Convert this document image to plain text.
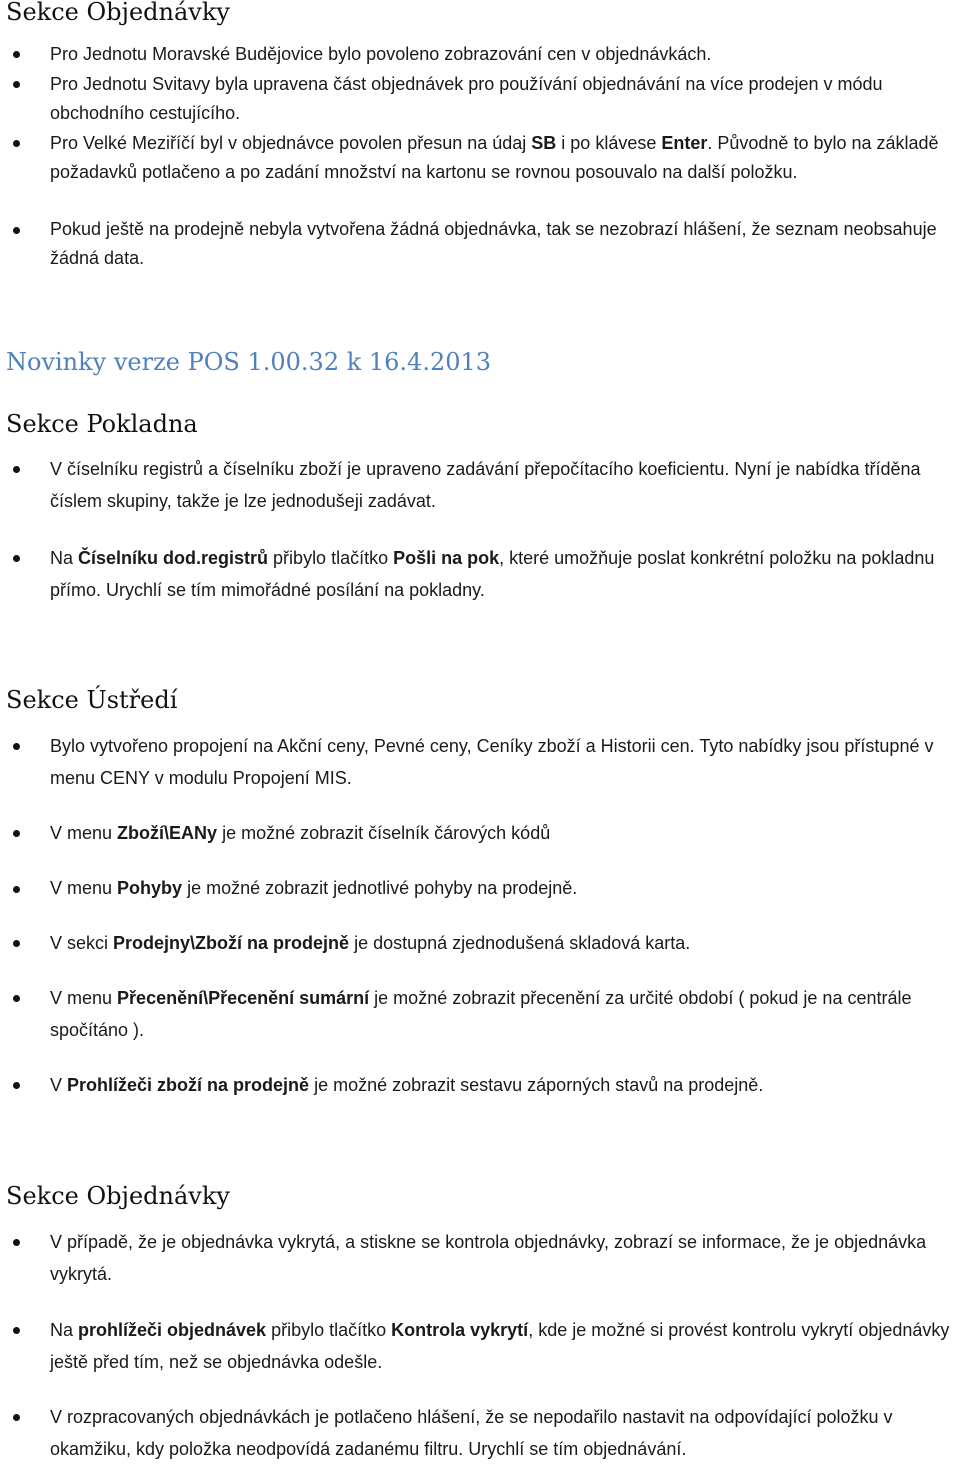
Sekce Objednávky

Pro Jednotu Moravské Budějovice bylo povoleno zobrazování cen v objednávkách.

Pro Jednotu Svitavy byla upravena část objednávek pro používání objednávání na více prodejen v módu obchodního cestujícího.

Pro Velké Meziříčí byl v objednávce povolen přesun na údaj SB i po klávese Enter. Původně to bylo na základě požadavků potlačeno a po zadání množství na kartonu se rovnou posouvalo na další položku.

Pokud ještě na prodejně nebyla vytvořena žádná objednávka, tak se nezobrazí hlášení, že seznam neobsahuje žádná data.

Novinky verze POS 1.00.32 k 16.4.2013
Sekce Pokladna

V číselníku registrů a číselníku zboží je upraveno zadávání přepočítacího koeficientu. Nyní je nabídka tříděna číslem skupiny, takže je lze jednodušeji zadávat.

Na Číselníku dod.registrů přibylo tlačítko Pošli na pok, které umožňuje poslat konkrétní položku na pokladnu přímo. Urychlí se tím mimořádné posílání na pokladny.

Sekce Ústředí

Bylo vytvořeno propojení na Akční ceny, Pevné ceny, Ceníky zboží a Historii cen. Tyto nabídky jsou přístupné v menu CENY v modulu Propojení MIS.

V menu Zboží\EANy je možné zobrazit číselník čárových kódů

V menu Pohyby je možné zobrazit jednotlivé pohyby na prodejně.

V sekci Prodejny\Zboží na prodejně je dostupná zjednodušená skladová karta.

V menu Přecenění\Přecenění sumární je možné zobrazit přecenění za určité období ( pokud je na centrále spočítáno ).

V Prohlížeči zboží na prodejně je možné zobrazit sestavu záporných stavů na prodejně.

Sekce Objednávky

V případě, že je objednávka vykrytá, a stiskne se kontrola objednávky, zobrazí se informace, že je objednávka vykrytá.

Na prohlížeči objednávek přibylo tlačítko Kontrola vykrytí, kde je možné si provést kontrolu vykrytí objednávky ještě před tím, než se objednávka odešle.

V rozpracovaných objednávkách je potlačeno hlášení, že se nepodařilo nastavit na odpovídající položku v okamžiku, kdy položka neodpovídá zadanému filtru. Urychlí se tím objednávání.
